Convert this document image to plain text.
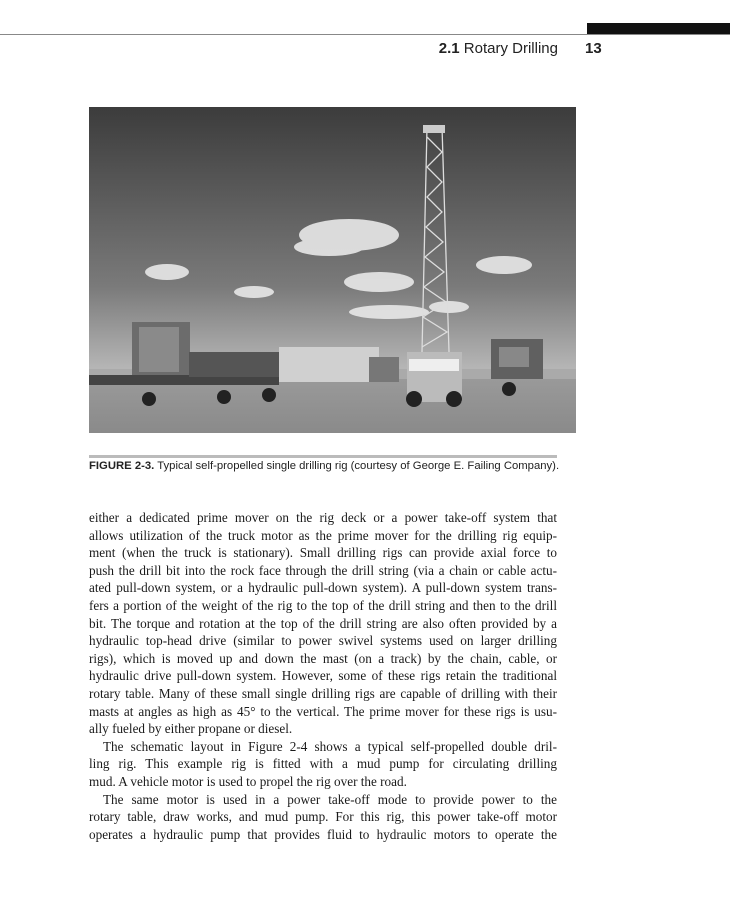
2.1 Rotary Drilling 13
FIGURE 2-3. Typical self-propelled single drilling rig (courtesy of George E. Failing Company).
either a dedicated prime mover on the rig deck or a power take-off system that
allows utilization of the truck motor as the prime mover for the drilling rig equip-
ment (when the truck is stationary). Small drilling rigs can provide axial force to
push the drill bit into the rock face through the drill string (via a chain or cable actu-
ated pull-down system, or a hydraulic pull-down system). A pull-down system trans-
fers a portion of the weight of the rig to the top of the drill string and then to the drill
bit. The torque and rotation at the top of the drill string are also often provided by a
hydraulic top-head drive (similar to power swivel systems used on larger drilling
rigs), which is moved up and down the mast (on a track) by the chain, cable, or
hydraulic drive pull-down system. However, some of these rigs retain the traditional
rotary table. Many of these small single drilling rigs are capable of drilling with their
masts at angles as high as 45° to the vertical. The prime mover for these rigs is usu-
ally fueled by either propane or diesel.
The schematic layout in Figure 2-4 shows a typical self-propelled double dril-
ling rig. This example rig is fitted with a mud pump for circulating drilling
mud. A vehicle motor is used to propel the rig over the road.
The same motor is used in a power take-off mode to provide power to the
rotary table, draw works, and mud pump. For this rig, this power take-off motor
operates a hydraulic pump that provides fluid to hydraulic motors to operate the
